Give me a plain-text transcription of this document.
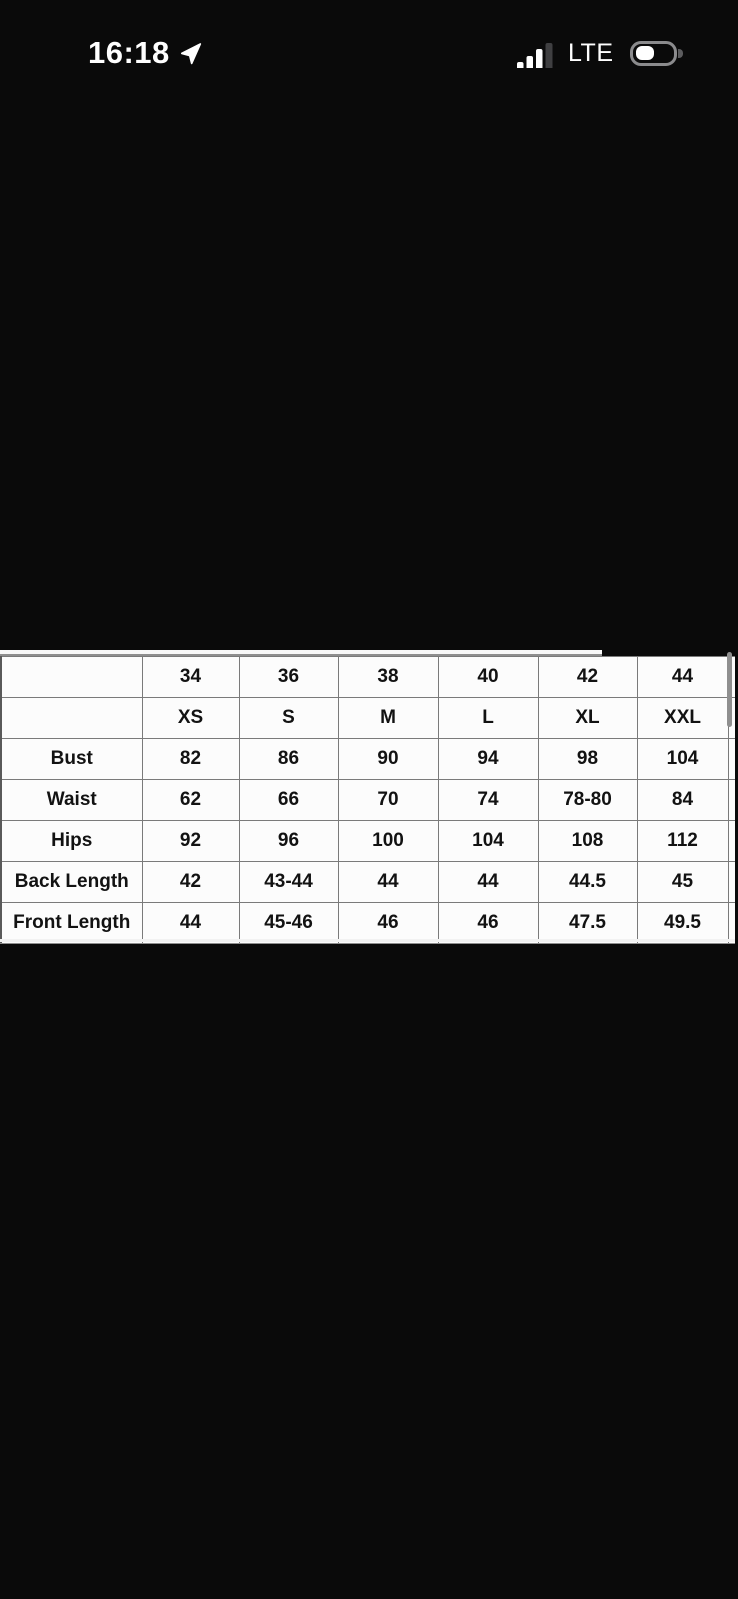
16:18	LTE
	34	36	38	40	42	44	
	XS	S	M	L	XL	XXL	
Bust	82	86	90	94	98	104	
Waist	62	66	70	74	78-80	84	
Hips	92	96	100	104	108	112	
Back Length	42	43-44	44	44	44.5	45	
Front Length	44	45-46	46	46	47.5	49.5	
